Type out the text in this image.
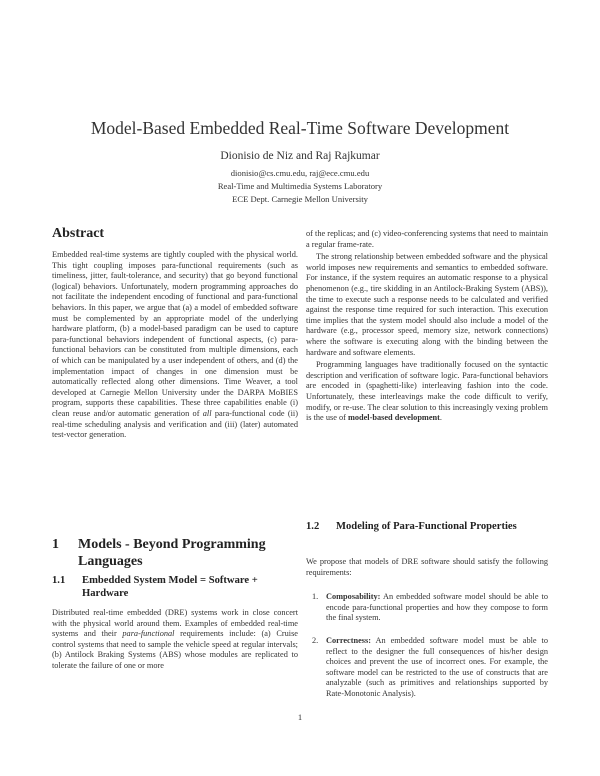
Model-Based Embedded Real-Time Software Development
Dionisio de Niz and Raj Rajkumar
dionisio@cs.cmu.edu, raj@ece.cmu.edu
Real-Time and Multimedia Systems Laboratory
ECE Dept. Carnegie Mellon University
Abstract

Embedded real-time systems are tightly coupled with the physical world. This tight coupling imposes para-functional requirements (such as timeliness, jitter, fault-tolerance, and security) that go beyond functional (logical) behaviors. Unfortunately, modern programming approaches do not facilitate the independent encoding of functional and para-functional behaviors. In this paper, we argue that (a) a model of embedded software must be complemented by an appropriate model of the underlying hardware platform, (b) a model-based paradigm can be used to capture para-functional behaviors independent of functional aspects, (c) para-functional behaviors can be constituted from multiple dimensions, each of which can be manipulated by a user independent of others, and (d) the implementation impact of changes in one dimension must be automatically reflected along other dimensions. Time Weaver, a tool developed at Carnegie Mellon University under the DARPA MoBIES program, supports these capabilities. These three capabilities enable (i) clean reuse and/or automatic generation of all para-functional code (ii) real-time scheduling analysis and verification and (iii) (later) automated test-vector generation.

1 Models - Beyond Programming Languages
1.1 Embedded System Model = Software + Hardware

Distributed real-time embedded (DRE) systems work in close concert with the physical world around them. Examples of embedded real-time systems and their para-functional requirements include: (a) Cruise control systems that need to sample the vehicle speed at regular intervals; (b) Antilock Braking Systems (ABS) whose modules are replicated to tolerate the failure of one or more

of the replicas; and (c) video-conferencing systems that need to maintain a regular frame-rate.

The strong relationship between embedded software and the physical world imposes new requirements and semantics to embedded software. For instance, if the system requires an automatic response to a physical phenomenon (e.g., tire skidding in an Antilock-Braking System (ABS)), the time to execute such a response needs to be calculated and verified against the response time required for such interaction. This execution time implies that the system model should also include a model of the hardware (e.g., processor speed, memory size, network connections) where the software is executing along with the binding between the hardware and software elements.

Programming languages have traditionally focused on the syntactic description and verification of software logic. Para-functional behaviors are encoded in (spaghetti-like) interleaving fashion into the code. Unfortunately, these interleavings make the code difficult to verify, modify, or re-use. The clear solution to this increasingly vexing problem is the use of model-based development.

1.2 Modeling of Para-Functional Properties
We propose that models of DRE software should satisfy the following requirements:
1. Composability: An embedded software model should be able to encode para-functional properties and how they compose to form the final system.
2. Correctness: An embedded software model must be able to reflect to the designer the full consequences of his/her design choices and prevent the use of incorrect ones. For example, the software model can be restricted to the use of constructs that are analyzable (such as primitives and relationships supported by Rate-Monotonic Analysis).
1
